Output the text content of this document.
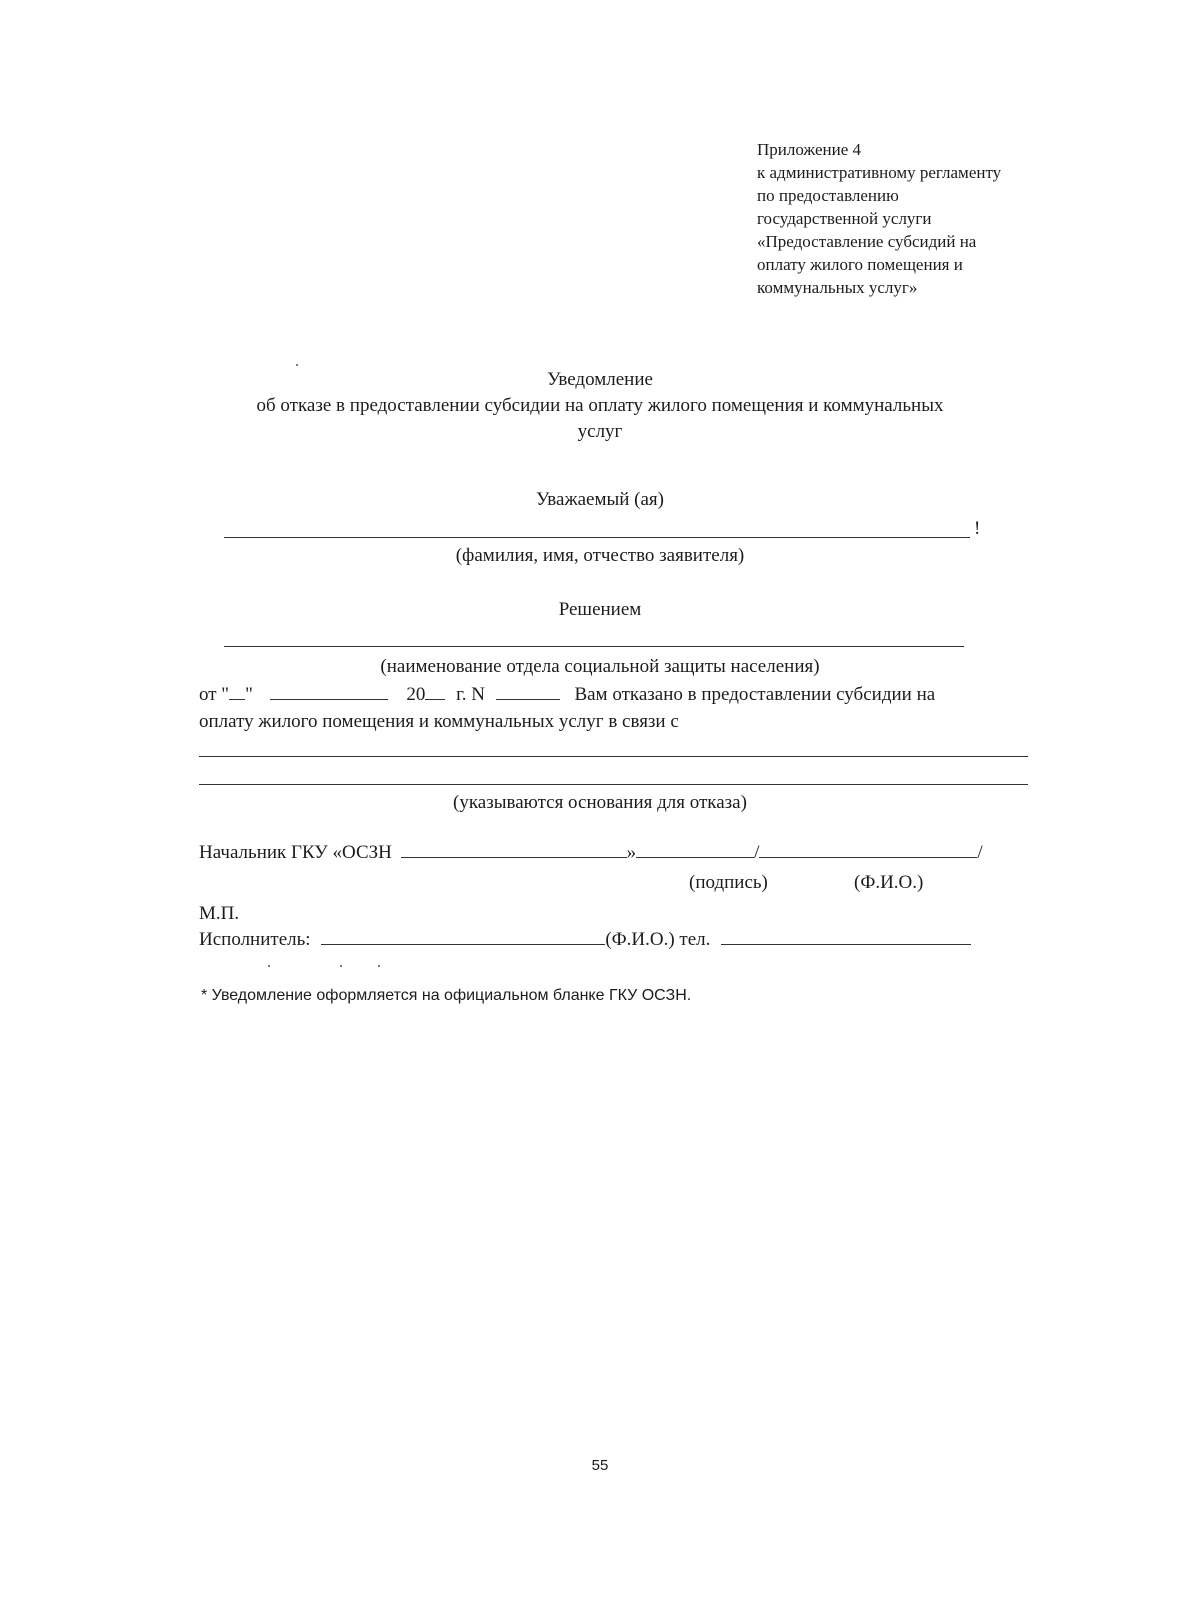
Приложение 4
к административному регламенту
по предоставлению
государственной услуги
«Предоставление субсидий на
оплату жилого помещения и
коммунальных услуг»
Уведомление
об отказе в предоставлении субсидии на оплату жилого помещения и коммунальных
услуг
Уважаемый (ая)
!
(фамилия, имя, отчество заявителя)
Решением
(наименование отдела социальной защиты населения)
от " "	20 г. N	Вам отказано в предоставлении субсидии на
оплату жилого помещения и коммунальных услуг в связи с
(указываются основания для отказа)
Начальник ГКУ «ОСЗН	»	/	/
(подпись)	(Ф.И.О.)
М.П.
Исполнитель:	(Ф.И.О.) тел.
* Уведомление оформляется на официальном бланке ГКУ ОСЗН.
55
